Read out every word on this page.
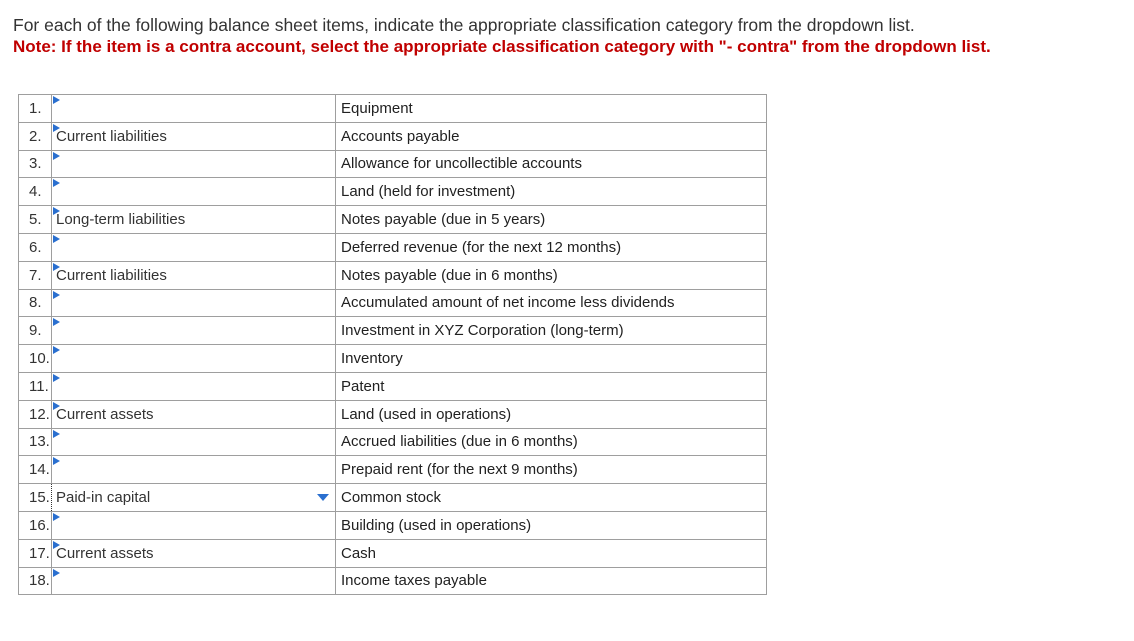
For each of the following balance sheet items, indicate the appropriate classification category from the dropdown list.

Note: If the item is a contra account, select the appropriate classification category with "- contra" from the dropdown list.

1.		Equipment
2.	Current liabilities	Accounts payable
3.		Allowance for uncollectible accounts
4.		Land (held for investment)
5.	Long-term liabilities	Notes payable (due in 5 years)
6.		Deferred revenue (for the next 12 months)
7.	Current liabilities	Notes payable (due in 6 months)
8.		Accumulated amount of net income less dividends
9.		Investment in XYZ Corporation (long-term)
10.		Inventory
11.		Patent
12.	Current assets	Land (used in operations)
13.		Accrued liabilities (due in 6 months)
14.		Prepaid rent (for the next 9 months)
15.	Paid-in capital	Common stock
16.		Building (used in operations)
17.	Current assets	Cash
18.		Income taxes payable
